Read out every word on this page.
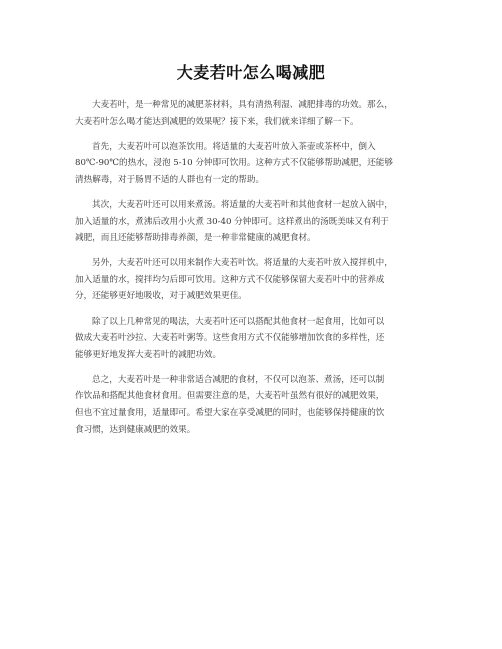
大麦若叶怎么喝减肥

大麦若叶，是一种常见的减肥茶材料，具有清热利湿、减肥排毒的功效。那么，
大麦若叶怎么喝才能达到减肥的效果呢？接下来，我们就来详细了解一下。

首先，大麦若叶可以泡茶饮用。将适量的大麦若叶放入茶壶或茶杯中，倒入
80℃-90℃的热水，浸泡 5-10 分钟即可饮用。这种方式不仅能够帮助减肥，还能够
清热解毒，对于肠胃不适的人群也有一定的帮助。

其次，大麦若叶还可以用来煮汤。将适量的大麦若叶和其他食材一起放入锅中，
加入适量的水，煮沸后改用小火煮 30-40 分钟即可。这样煮出的汤既美味又有利于
减肥，而且还能够帮助排毒养颜，是一种非常健康的减肥食材。

另外，大麦若叶还可以用来制作大麦若叶饮。将适量的大麦若叶放入搅拌机中，
加入适量的水，搅拌均匀后即可饮用。这种方式不仅能够保留大麦若叶中的营养成
分，还能够更好地吸收，对于减肥效果更佳。

除了以上几种常见的喝法，大麦若叶还可以搭配其他食材一起食用，比如可以
做成大麦若叶沙拉、大麦若叶粥等。这些食用方式不仅能够增加饮食的多样性，还
能够更好地发挥大麦若叶的减肥功效。

总之，大麦若叶是一种非常适合减肥的食材，不仅可以泡茶、煮汤，还可以制
作饮品和搭配其他食材食用。但需要注意的是，大麦若叶虽然有很好的减肥效果，
但也不宜过量食用，适量即可。希望大家在享受减肥的同时，也能够保持健康的饮
食习惯，达到健康减肥的效果。
